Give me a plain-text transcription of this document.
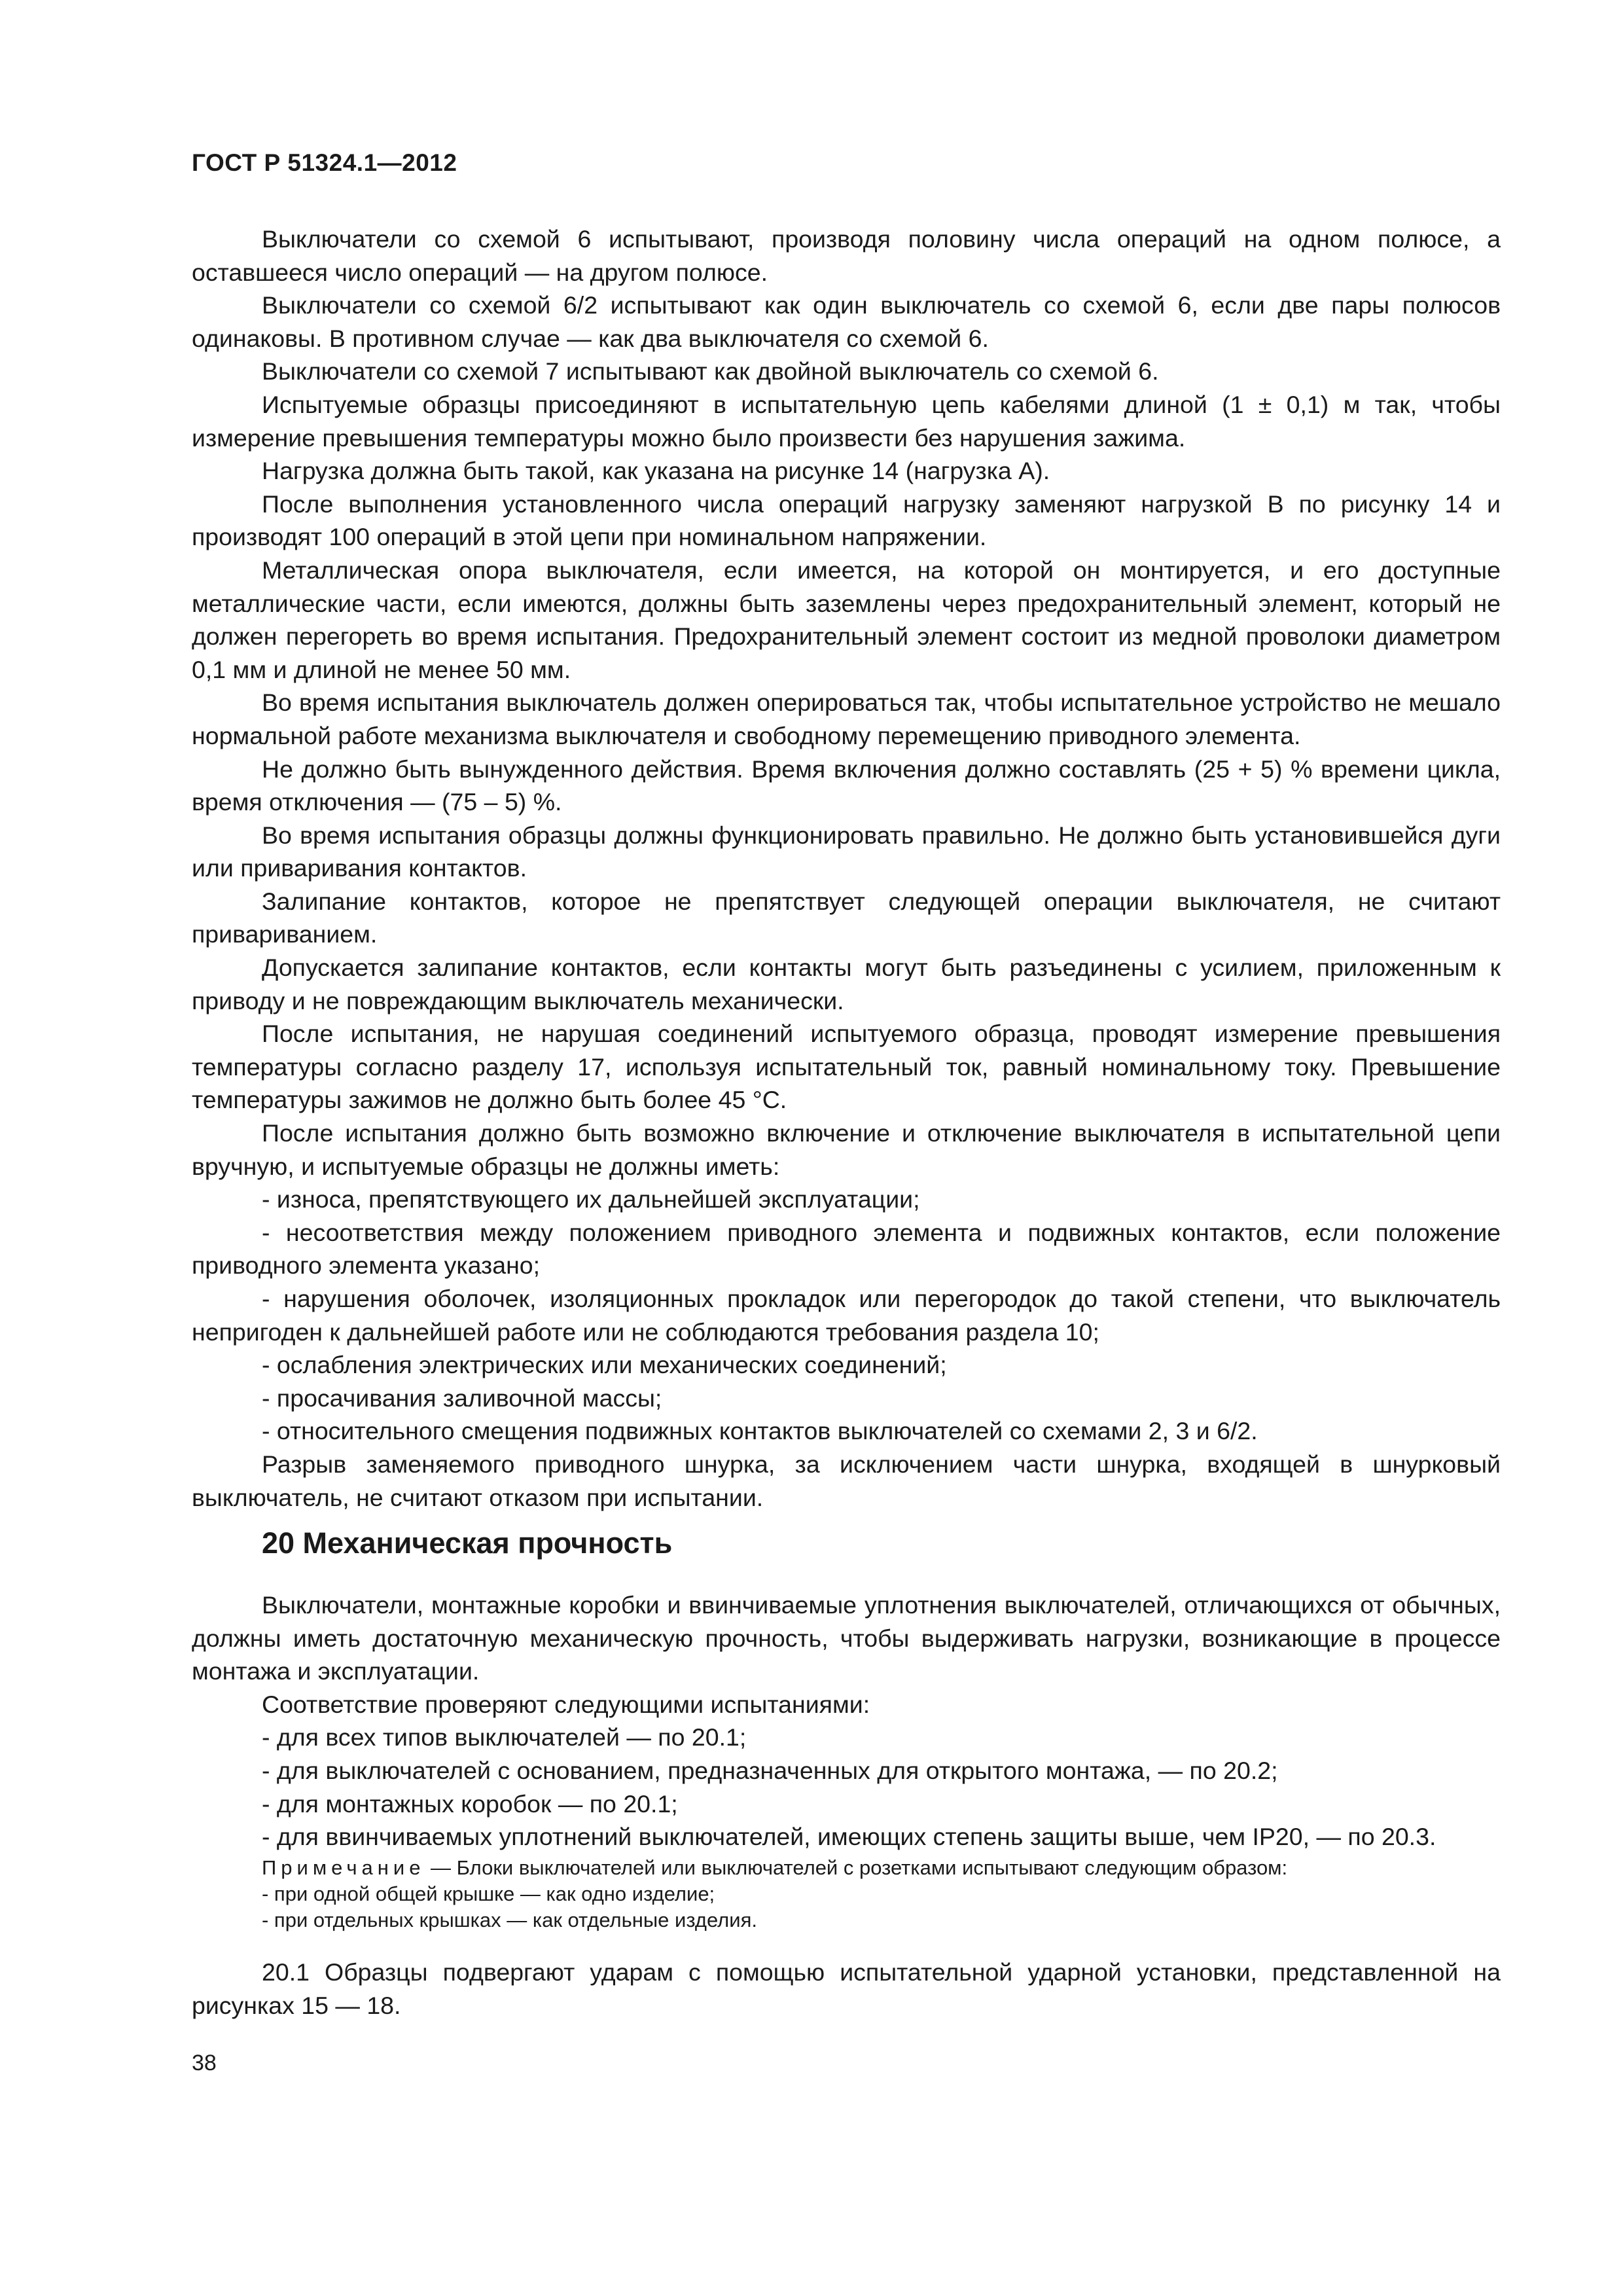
ГОСТ Р 51324.1—2012

Выключатели со схемой 6 испытывают, производя половину числа операций на одном полюсе, а оставшееся число операций — на другом полюсе.

Выключатели со схемой 6/2 испытывают как один выключатель со схемой 6, если две пары полюсов одинаковы. В противном случае — как два выключателя со схемой 6.

Выключатели со схемой 7 испытывают как двойной выключатель со схемой 6.

Испытуемые образцы присоединяют в испытательную цепь кабелями длиной (1 ± 0,1) м так, чтобы измерение превышения температуры можно было произвести без нарушения зажима.

Нагрузка должна быть такой, как указана на рисунке 14 (нагрузка A).

После выполнения установленного числа операций нагрузку заменяют нагрузкой B по рисунку 14 и производят 100 операций в этой цепи при номинальном напряжении.

Металлическая опора выключателя, если имеется, на которой он монтируется, и его доступные металлические части, если имеются, должны быть заземлены через предохранительный элемент, который не должен перегореть во время испытания. Предохранительный элемент состоит из медной проволоки диаметром 0,1 мм и длиной не менее 50 мм.

Во время испытания выключатель должен оперироваться так, чтобы испытательное устройство не мешало нормальной работе механизма выключателя и свободному перемещению приводного элемента.

Не должно быть вынужденного действия. Время включения должно составлять (25 + 5) % времени цикла, время отключения — (75 – 5) %.

Во время испытания образцы должны функционировать правильно. Не должно быть установившейся дуги или приваривания контактов.

Залипание контактов, которое не препятствует следующей операции выключателя, не считают привариванием.

Допускается залипание контактов, если контакты могут быть разъединены с усилием, приложенным к приводу и не повреждающим выключатель механически.

После испытания, не нарушая соединений испытуемого образца, проводят измерение превышения температуры согласно разделу 17, используя испытательный ток, равный номинальному току. Превышение температуры зажимов не должно быть более 45 °C.

После испытания должно быть возможно включение и отключение выключателя в испытательной цепи вручную, и испытуемые образцы не должны иметь:

- износа, препятствующего их дальнейшей эксплуатации;

- несоответствия между положением приводного элемента и подвижных контактов, если положение приводного элемента указано;

- нарушения оболочек, изоляционных прокладок или перегородок до такой степени, что выключатель непригоден к дальнейшей работе или не соблюдаются требования раздела 10;

- ослабления электрических или механических соединений;

- просачивания заливочной массы;

- относительного смещения подвижных контактов выключателей со схемами 2, 3 и 6/2.

Разрыв заменяемого приводного шнурка, за исключением части шнурка, входящей в шнурковый выключатель, не считают отказом при испытании.

20 Механическая прочность

Выключатели, монтажные коробки и ввинчиваемые уплотнения выключателей, отличающихся от обычных, должны иметь достаточную механическую прочность, чтобы выдерживать нагрузки, возникающие в процессе монтажа и эксплуатации.

Соответствие проверяют следующими испытаниями:

- для всех типов выключателей — по 20.1;

- для выключателей с основанием, предназначенных для открытого монтажа, — по 20.2;

- для монтажных коробок — по 20.1;

- для ввинчиваемых уплотнений выключателей, имеющих степень защиты выше, чем IP20, — по 20.3.

Примечание — Блоки выключателей или выключателей с розетками испытывают следующим образом:

- при одной общей крышке — как одно изделие;

- при отдельных крышках — как отдельные изделия.

20.1 Образцы подвергают ударам с помощью испытательной ударной установки, представленной на рисунках 15 — 18.

38
